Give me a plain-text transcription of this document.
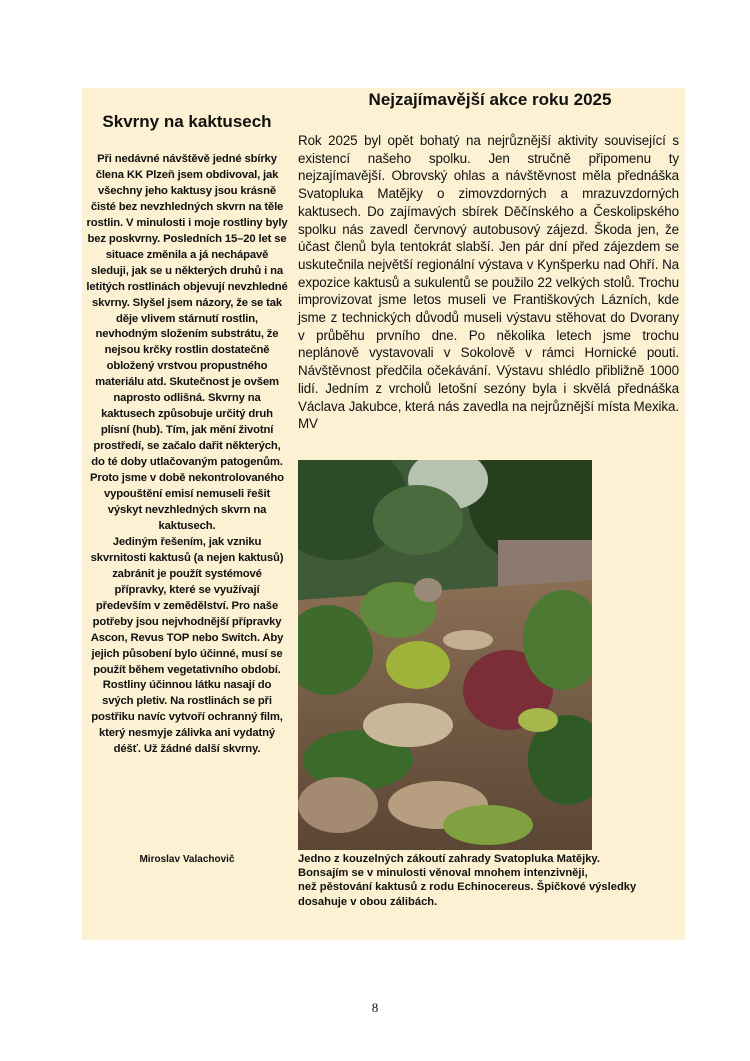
Skvrny na kaktusech

Při nedávné návštěvě jedné sbírky člena KK Plzeň jsem obdivoval, jak všechny jeho kaktusy jsou krásně čisté bez nevzhledných skvrn na těle rostlin. V minulosti i moje rostliny byly bez poskvrny. Posledních 15–20 let se situace změnila a já nechápavě sleduji, jak se u některých druhů i na letitých rostlinách objevují nevzhledné skvrny. Slyšel jsem názory, že se tak děje vlivem stárnutí rostlin, nevhodným složením substrátu, že nejsou krčky rostlin dostatečně obložený vrstvou propustného materiálu atd. Skutečnost je ovšem naprosto odlišná. Skvrny na kaktusech způsobuje určitý druh plísní (hub). Tím, jak mění životní prostředí, se začalo dařit některých, do té doby utlačovaným patogenům. Proto jsme v době nekontrolovaného vypouštění emisí nemuseli řešit výskyt nevzhledných skvrn na kaktusech.

Jediným řešením, jak vzniku skvrnitosti kaktusů (a nejen kaktusů) zabránit je použít systémové přípravky, které se využívají především v zemědělství. Pro naše potřeby jsou nejvhodnější přípravky Ascon, Revus TOP nebo Switch. Aby jejich působení bylo účinné, musí se použít během vegetativního období. Rostliny účinnou látku nasají do svých pletiv. Na rostlinách se při postřiku navíc vytvoří ochranný film, který nesmyje zálivka ani vydatný déšť. Už žádné další skvrny.

Miroslav Valachovič
Nejzajímavější akce roku 2025
Rok 2025 byl opět bohatý na nejrůznější aktivity související s existencí našeho spolku. Jen stručně připomenu ty nejzajímavější. Obrovský ohlas a návštěvnost měla přednáška Svatopluka Matějky o zimovzdorných a mrazuvzdorných kaktusech. Do zajímavých sbírek Děčínského a Českolipského spolku nás zavedl červnový autobusový zájezd. Škoda jen, že účast členů byla tentokrát slabší. Jen pár dní před zájezdem se uskutečnila největší regionální výstava v Kynšperku nad Ohří. Na expozice kaktusů a sukulentů se použilo 22 velkých stolů. Trochu improvizovat jsme letos museli ve Františkových Lázních, kde jsme z technických důvodů museli výstavu stěhovat do Dvorany v průběhu prvního dne. Po několika letech jsme trochu neplánově vystavovali v Sokolově v rámci Hornické pouti. Návštěvnost předčila očekávání. Výstavu shlédlo přibližně 1000 lidí. Jedním z vrcholů letošní sezóny byla i skvělá přednáška Václava Jakubce, která nás zavedla na nejrůznější místa Mexika. MV
Jedno z kouzelných zákoutí zahrady Svatopluka Matějky.
Bonsajím se v minulosti věnoval mnohem intenzivněji,
než pěstování kaktusů z rodu Echinocereus. Špičkové výsledky
dosahuje v obou zálibách.
8
